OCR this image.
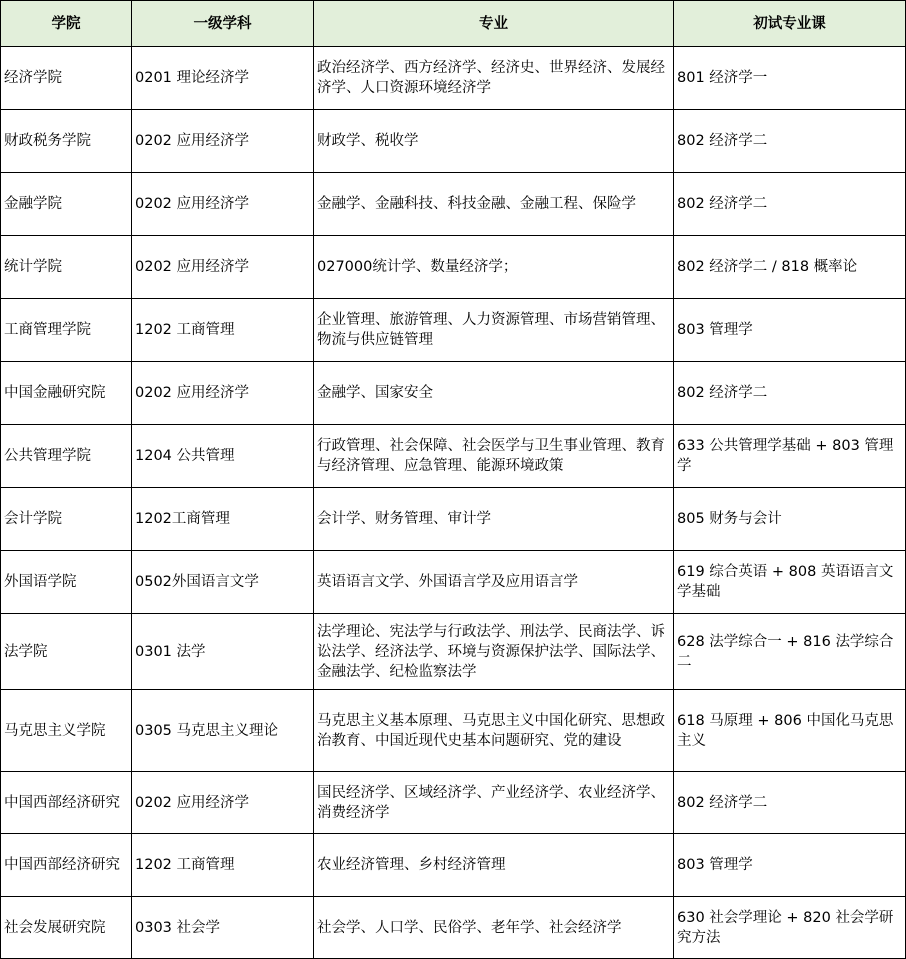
学院	一级学科	专业	初试专业课
经济学院	0201 理论经济学	政治经济学、西方经济学、经济史、世界经济、发展经济学、人口资源环境经济学	801 经济学一
财政税务学院	0202 应用经济学	财政学、税收学	802 经济学二
金融学院	0202 应用经济学	金融学、金融科技、科技金融、金融工程、保险学	802 经济学二
统计学院	0202 应用经济学	027000统计学、数量经济学；	802 经济学二 / 818 概率论
工商管理学院	1202 工商管理	企业管理、旅游管理、人力资源管理、市场营销管理、物流与供应链管理	803 管理学
中国金融研究院	0202 应用经济学	金融学、国家安全	802 经济学二
公共管理学院	1204 公共管理	行政管理、社会保障、社会医学与卫生事业管理、教育与经济管理、应急管理、能源环境政策	633 公共管理学基础 + 803 管理学
会计学院	1202工商管理	会计学、财务管理、审计学	805 财务与会计
外国语学院	0502外国语言文学	英语语言文学、外国语言学及应用语言学	619 综合英语 + 808 英语语言文学基础
法学院	0301 法学	法学理论、宪法学与行政法学、刑法学、民商法学、诉讼法学、经济法学、环境与资源保护法学、国际法学、金融法学、纪检监察法学	628 法学综合一 + 816 法学综合二
马克思主义学院	0305 马克思主义理论	马克思主义基本原理、马克思主义中国化研究、思想政治教育、中国近现代史基本问题研究、党的建设	618 马原理 + 806 中国化马克思主义
中国西部经济研究	0202 应用经济学	国民经济学、区域经济学、产业经济学、农业经济学、消费经济学	802 经济学二
中国西部经济研究	1202 工商管理	农业经济管理、乡村经济管理	803 管理学
社会发展研究院	0303 社会学	社会学、人口学、民俗学、老年学、社会经济学	630 社会学理论 + 820 社会学研究方法
